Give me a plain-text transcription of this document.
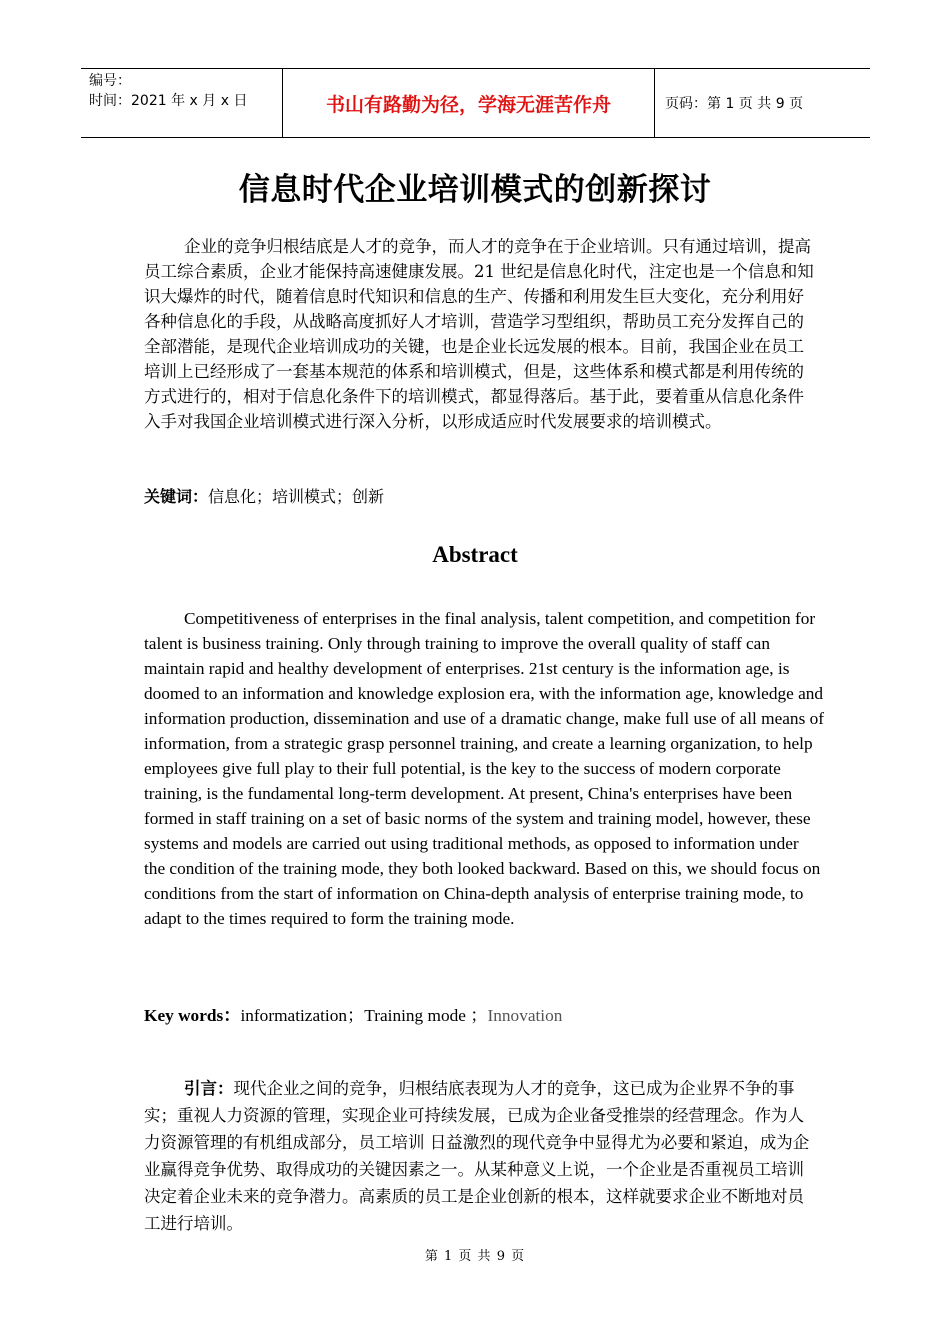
编号：
时间：2021 年 x 月 x 日	书山有路勤为径，学海无涯苦作舟	页码：第 1 页 共 9 页
信息时代企业培训模式的创新探讨
企业的竞争归根结底是人才的竞争，而人才的竞争在于企业培训。只有通过培训，提高员工综合素质，企业才能保持高速健康发展。21 世纪是信息化时代，注定也是一个信息和知识大爆炸的时代，随着信息时代知识和信息的生产、传播和利用发生巨大变化，充分利用好各种信息化的手段，从战略高度抓好人才培训，营造学习型组织，帮助员工充分发挥自己的全部潜能，是现代企业培训成功的关键，也是企业长远发展的根本。目前，我国企业在员工培训上已经形成了一套基本规范的体系和培训模式，但是，这些体系和模式都是利用传统的方式进行的，相对于信息化条件下的培训模式，都显得落后。基于此，要着重从信息化条件入手对我国企业培训模式进行深入分析，以形成适应时代发展要求的培训模式。
关键词：信息化；培训模式；创新
Abstract
Competitiveness of enterprises in the final analysis, talent competition, and competition for talent is business training. Only through training to improve the overall quality of staff can maintain rapid and healthy development of enterprises. 21st century is the information age, is doomed to an information and knowledge explosion era, with the information age, knowledge and information production, dissemination and use of a dramatic change, make full use of all means of information, from a strategic grasp personnel training, and create a learning organization, to help employees give full play to their full potential, is the key to the success of modern corporate training, is the fundamental long-term development. At present, China's enterprises have been formed in staff training on a set of basic norms of the system and training model, however, these systems and models are carried out using traditional methods, as opposed to information under the condition of the training mode, they both looked backward. Based on this, we should focus on conditions from the start of information on China-depth analysis of enterprise training mode, to adapt to the times required to form the training mode.
Key words：informatization；Training mode ；Innovation
引言：现代企业之间的竞争，归根结底表现为人才的竞争，这已成为企业界不争的事实；重视人力资源的管理，实现企业可持续发展，已成为企业备受推崇的经营理念。作为人力资源管理的有机组成部分，员工培训 日益激烈的现代竞争中显得尤为必要和紧迫，成为企业赢得竞争优势、取得成功的关键因素之一。从某种意义上说，一个企业是否重视员工培训决定着企业未来的竞争潜力。高素质的员工是企业创新的根本，这样就要求企业不断地对员工进行培训。
第 1 页 共 9 页
